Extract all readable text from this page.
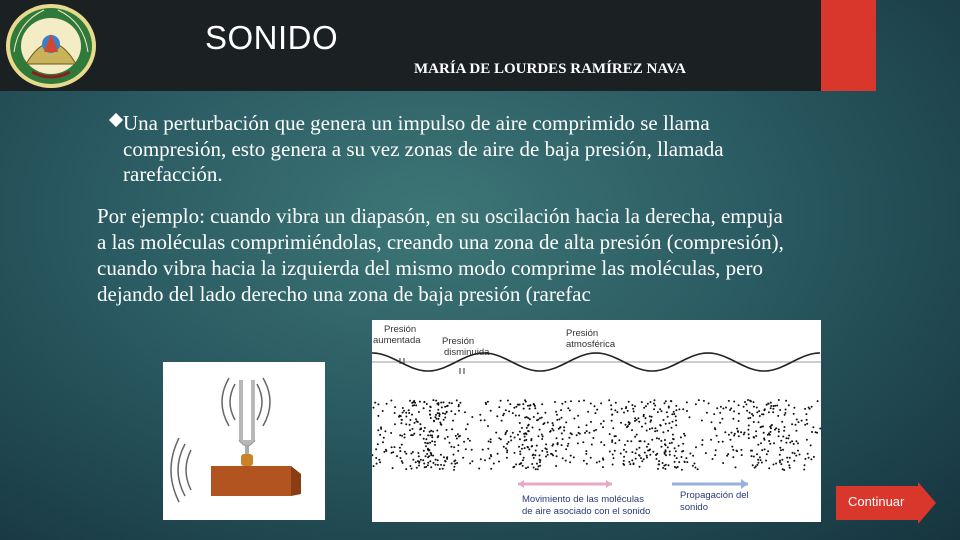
SONIDO
MARÍA DE LOURDES RAMÍREZ NAVA
Una perturbación que genera un impulso de aire comprimido se llama compresión, esto genera a su vez zonas de aire de baja presión, llamada rarefacción.
Por ejemplo: cuando vibra un diapasón, en su oscilación hacia la derecha, empuja a las moléculas comprimiéndolas, creando una zona de alta presión (compresión), cuando vibra hacia la izquierda del mismo modo comprime las moléculas, pero dejando del lado derecho una zona de baja presión (rarefac
Presión
aumentada Presión
disminuida
Presión
atmosférica
Movimiento de las moléculas
de aire asociado con el sonido
Propagación del
sonido	Continuar
